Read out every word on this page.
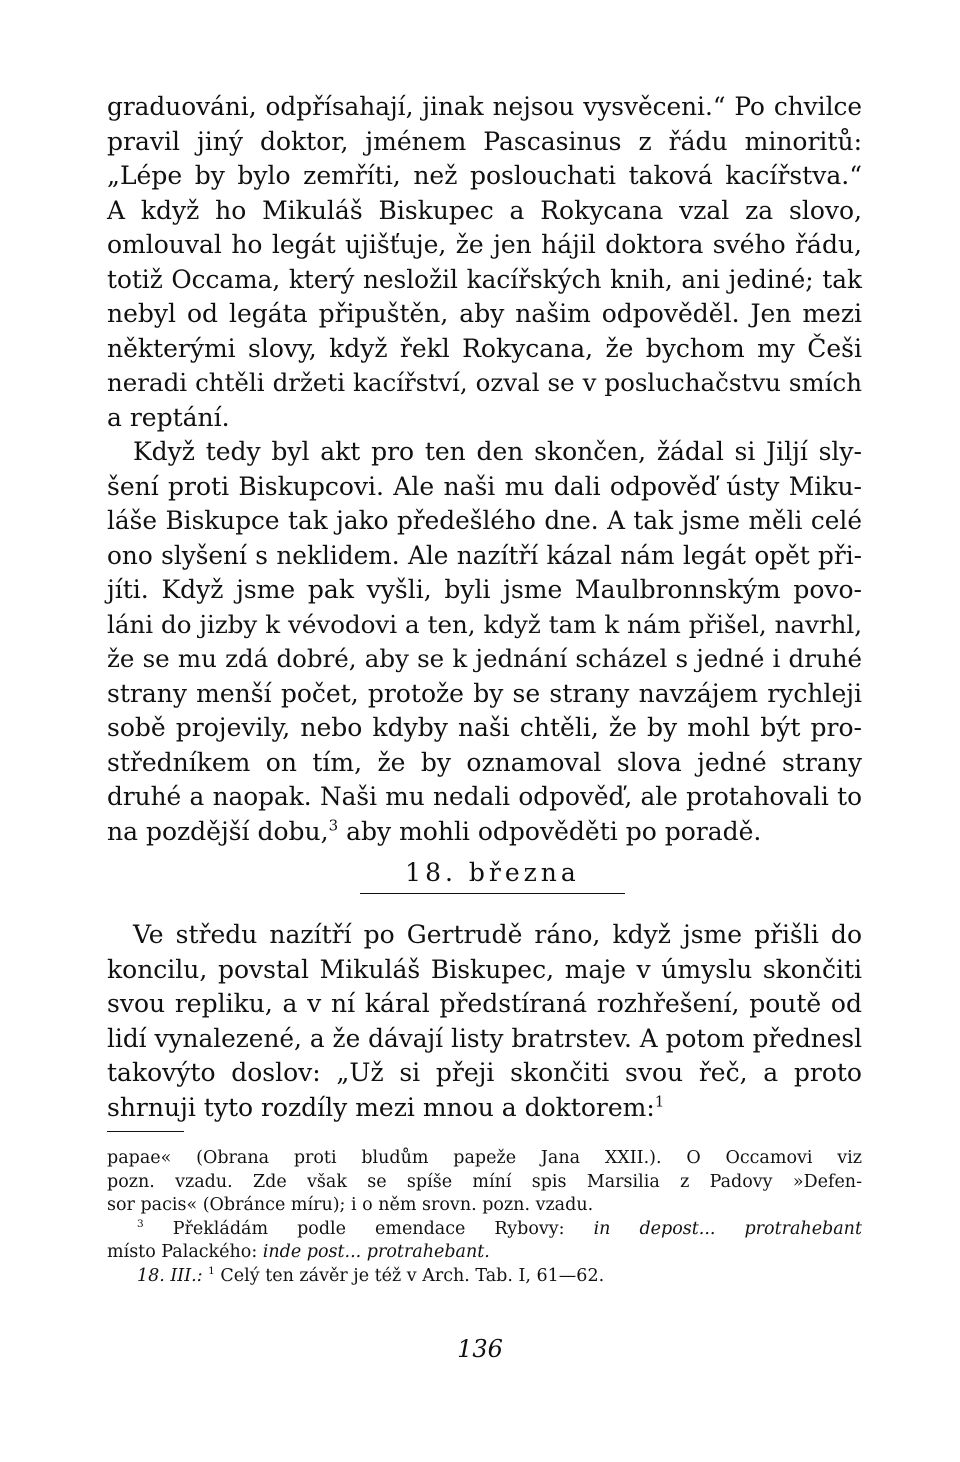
graduováni, odpřísahají, jinak nejsou vysvěceni.“ Po chvilce
pravil jiný doktor, jménem Pascasinus z řádu minoritů:
„Lépe by bylo zemříti, než poslouchati taková kacířstva.“
A když ho Mikuláš Biskupec a Rokycana vzal za slovo,
omlouval ho legát ujišťuje, že jen hájil doktora svého řádu,
totiž Occama, který nesložil kacířských knih, ani jediné; tak
nebyl od legáta připuštěn, aby našim odpověděl. Jen mezi
některými slovy, když řekl Rokycana, že bychom my Češi
neradi chtěli držeti kacířství, ozval se v posluchačstvu smích
a reptání.
Když tedy byl akt pro ten den skončen, žádal si Jiljí sly-
šení proti Biskupcovi. Ale naši mu dali odpověď ústy Miku-
láše Biskupce tak jako předešlého dne. A tak jsme měli celé
ono slyšení s neklidem. Ale nazítří kázal nám legát opět při-
jíti. Když jsme pak vyšli, byli jsme Maulbronnským povo-
láni do jizby k vévodovi a ten, když tam k nám přišel, navrhl,
že se mu zdá dobré, aby se k jednání scházel s jedné i druhé
strany menší počet, protože by se strany navzájem rychleji
sobě projevily, nebo kdyby naši chtěli, že by mohl být pro-
středníkem on tím, že by oznamoval slova jedné strany
druhé a naopak. Naši mu nedali odpověď, ale protahovali to
na pozdější dobu,$^3$ aby mohli odpověděti po poradě.
18. března
Ve středu nazítří po Gertrudě ráno, když jsme přišli do
koncilu, povstal Mikuláš Biskupec, maje v úmyslu skončiti
svou repliku, a v ní káral předstíraná rozhřešení, poutě od
lidí vynalezené, a že dávají listy bratrstev. A potom přednesl
takovýto doslov: „Už si přeji skončiti svou řeč, a proto
shrnuji tyto rozdíly mezi mnou a doktorem:$^1$
papae« (Obrana proti bludům papeže Jana XXII.). O Occamovi viz
pozn. vzadu. Zde však se spíše míní spis Marsilia z Padovy »Defen-
sor pacis« (Obránce míru); i o něm srovn. pozn. vzadu.
$^3$ Překládám podle emendace Rybovy: in depost... protrahebant
místo Palackého: inde post... protrahebant.
18. III.: $^1$ Celý ten závěr je též v Arch. Tab. I, 61—62.
136
